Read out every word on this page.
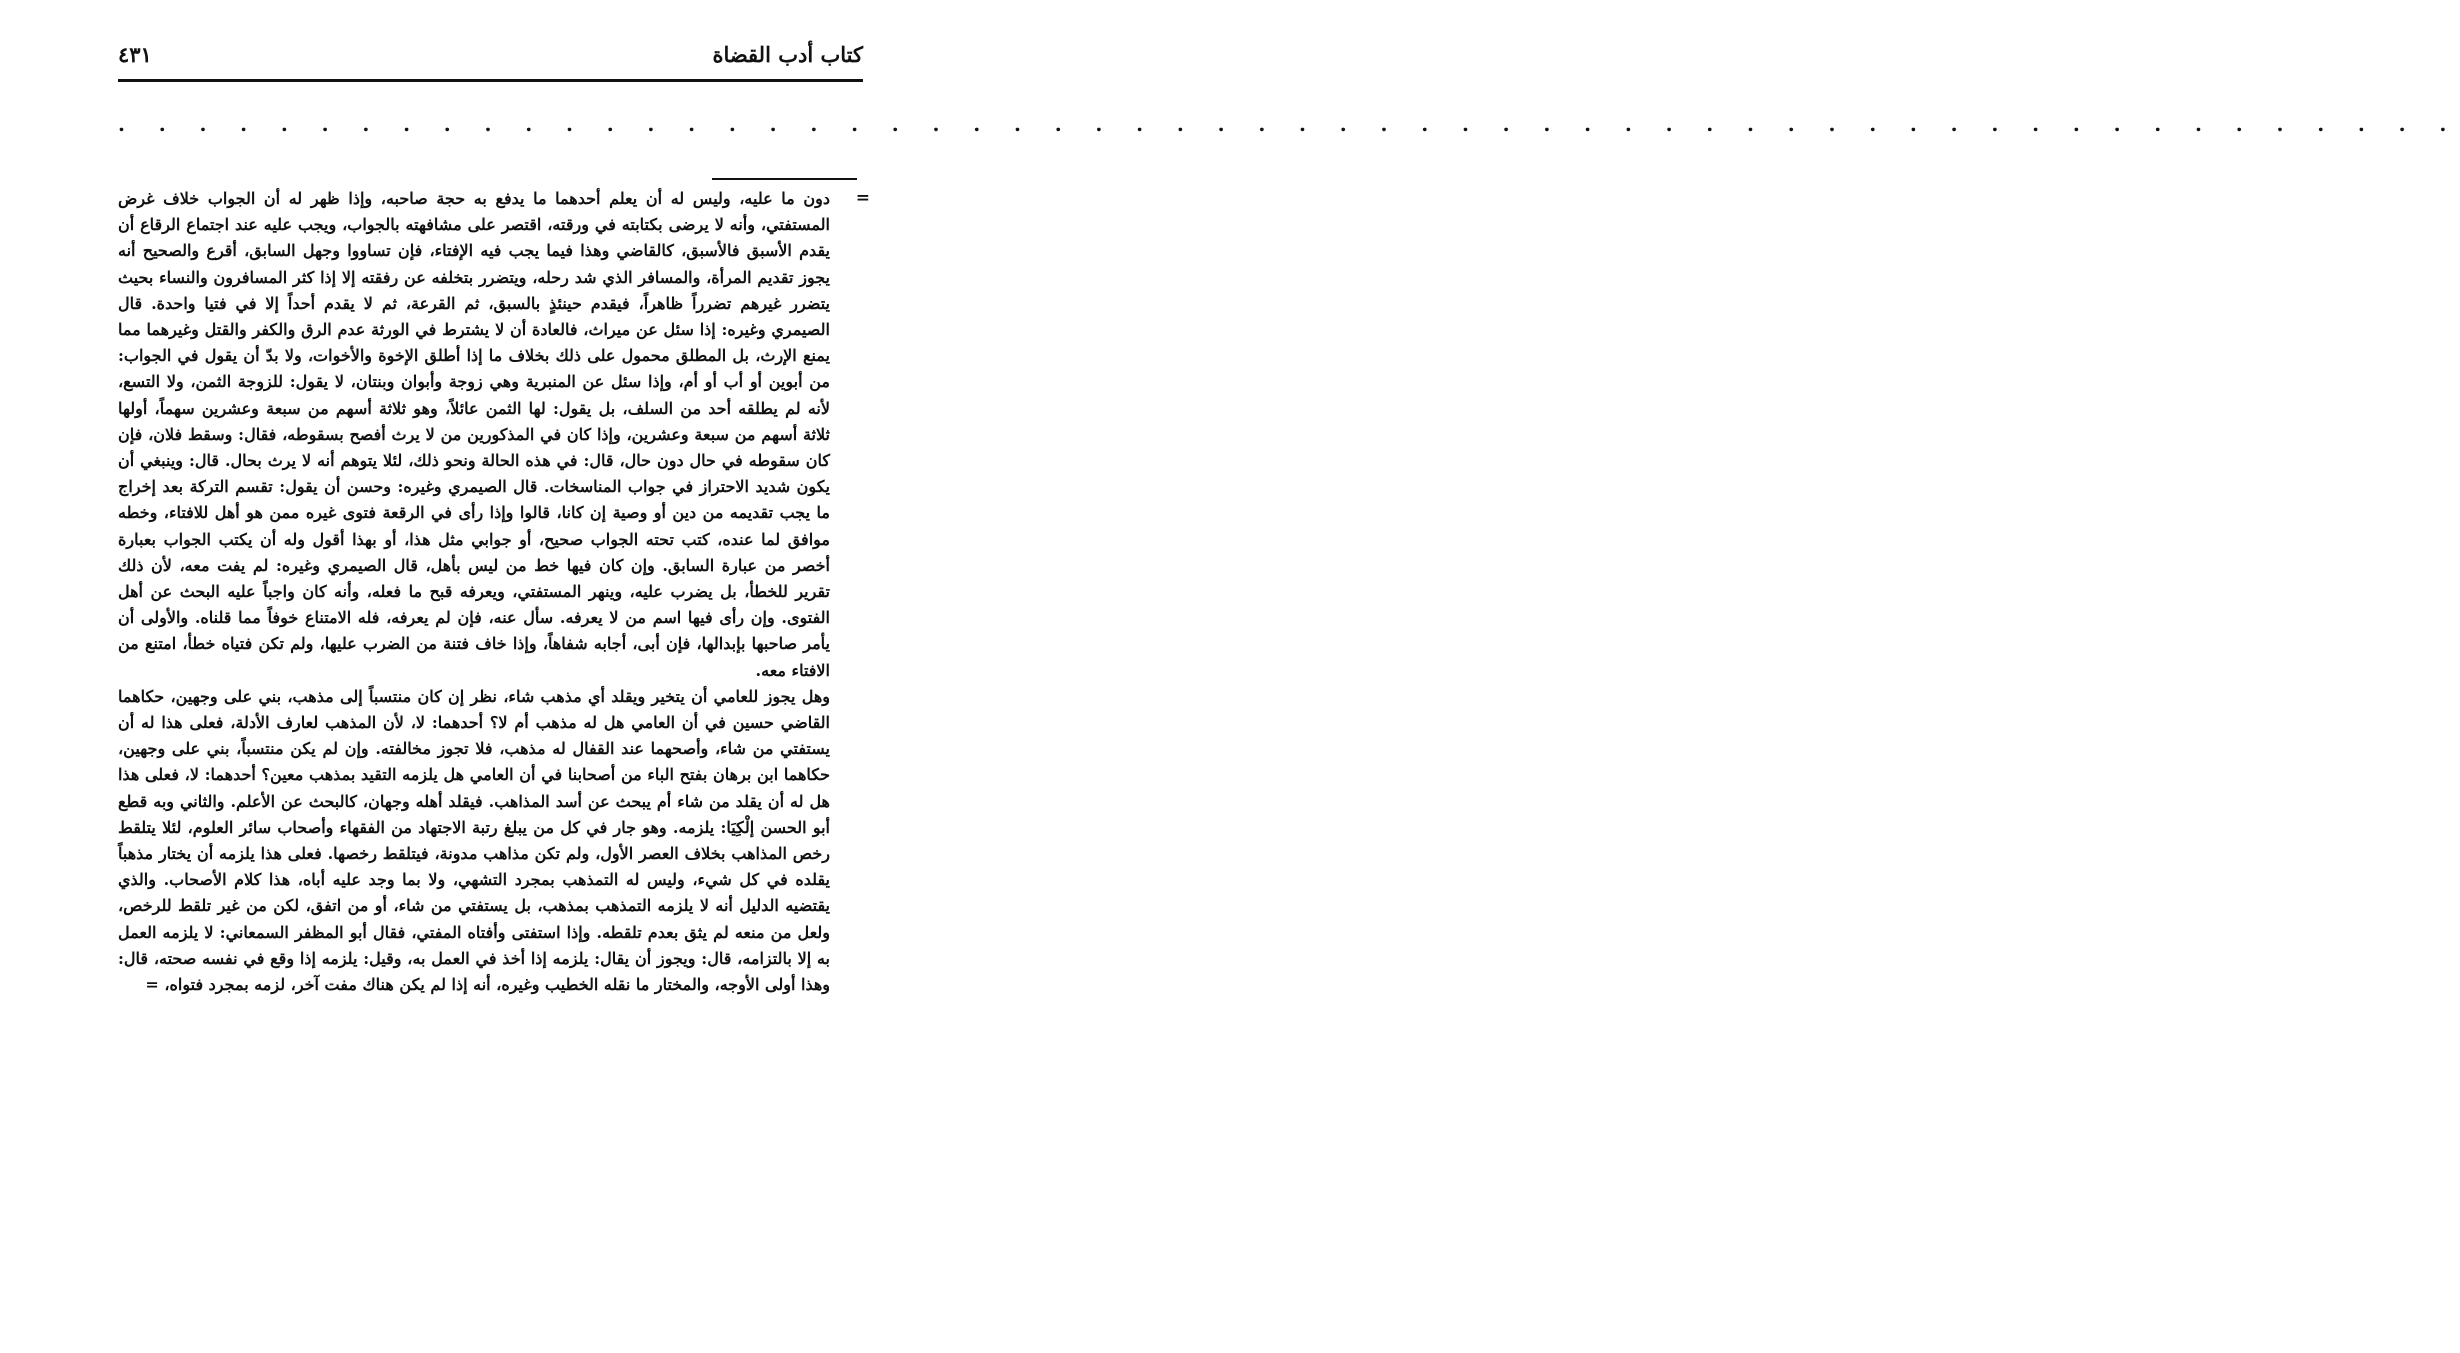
كتاب أدب القضاة
٤٣١
. . . . . . . . . . . . . . . . . . . . . . . . . . . . . . . . . . . . . . . . . . . . . . . . . . . . . . . . . .
=

دون ما عليه، وليس له أن يعلم أحدهما ما يدفع به حجة صاحبه، وإذا ظهر له أن الجواب خلاف غرض المستفتي، وأنه لا يرضى بكتابته في ورقته، اقتصر على مشافهته بالجواب، ويجب عليه عند اجتماع الرقاع أن يقدم الأسبق فالأسبق، كالقاضي وهذا فيما يجب فيه الإفتاء، فإن تساووا وجهل السابق، أقرع والصحيح أنه يجوز تقديم المرأة، والمسافر الذي شد رحله، ويتضرر بتخلفه عن رفقته إلا إذا كثر المسافرون والنساء بحيث يتضرر غيرهم تضرراً ظاهراً، فيقدم حينئذٍ بالسبق، ثم القرعة، ثم لا يقدم أحداً إلا في فتيا واحدة. قال الصيمري وغيره: إذا سئل عن ميراث، فالعادة أن لا يشترط في الورثة عدم الرق والكفر والقتل وغيرهما مما يمنع الإرث، بل المطلق محمول على ذلك بخلاف ما إذا أطلق الإخوة والأخوات، ولا بدّ أن يقول في الجواب: من أبوين أو أب أو أم، وإذا سئل عن المنبرية وهي زوجة وأبوان وبنتان، لا يقول: للزوجة الثمن، ولا التسع، لأنه لم يطلقه أحد من السلف، بل يقول: لها الثمن عائلاً، وهو ثلاثة أسهم من سبعة وعشرين سهماً، أولها ثلاثة أسهم من سبعة وعشرين، وإذا كان في المذكورين من لا يرث أفصح بسقوطه، فقال: وسقط فلان، فإن كان سقوطه في حال دون حال، قال: في هذه الحالة ونحو ذلك، لئلا يتوهم أنه لا يرث بحال. قال: وينبغي أن يكون شديد الاحتراز في جواب المناسخات. قال الصيمري وغيره: وحسن أن يقول: تقسم التركة بعد إخراج ما يجب تقديمه من دين أو وصية إن كانا، قالوا وإذا رأى في الرقعة فتوى غيره ممن هو أهل للافتاء، وخطه موافق لما عنده، كتب تحته الجواب صحيح، أو جوابي مثل هذا، أو بهذا أقول وله أن يكتب الجواب بعبارة أخصر من عبارة السابق. وإن كان فيها خط من ليس بأهل، قال الصيمري وغيره: لم يفت معه، لأن ذلك تقرير للخطأ، بل يضرب عليه، وينهر المستفتي، ويعرفه قبح ما فعله، وأنه كان واجباً عليه البحث عن أهل الفتوى. وإن رأى فيها اسم من لا يعرفه. سأل عنه، فإن لم يعرفه، فله الامتناع خوفاً مما قلناه. والأولى أن يأمر صاحبها بإبدالها، فإن أبى، أجابه شفاهاً، وإذا خاف فتنة من الضرب عليها، ولم تكن فتياه خطأ، امتنع من الافتاء معه.

وهل يجوز للعامي أن يتخير ويقلد أي مذهب شاء، نظر إن كان منتسباً إلى مذهب، بني على وجهين، حكاهما القاضي حسين في أن العامي هل له مذهب أم لا؟ أحدهما: لا، لأن المذهب لعارف الأدلة، فعلى هذا له أن يستفتي من شاء، وأصحهما عند القفال له مذهب، فلا تجوز مخالفته. وإن لم يكن منتسباً، بني على وجهين، حكاهما ابن برهان بفتح الباء من أصحابنا في أن العامي هل يلزمه التقيد بمذهب معين؟ أحدهما: لا، فعلى هذا هل له أن يقلد من شاء أم يبحث عن أسد المذاهب. فيقلد أهله وجهان، كالبحث عن الأعلم. والثاني وبه قطع أبو الحسن إلْكِيَا: يلزمه. وهو جار في كل من يبلغ رتبة الاجتهاد من الفقهاء وأصحاب سائر العلوم، لئلا يتلقط رخص المذاهب بخلاف العصر الأول، ولم تكن مذاهب مدونة، فيتلقط رخصها. فعلى هذا يلزمه أن يختار مذهباً يقلده في كل شيء، وليس له التمذهب بمجرد التشهي، ولا بما وجد عليه أباه، هذا كلام الأصحاب. والذي يقتضيه الدليل أنه لا يلزمه التمذهب بمذهب، بل يستفتي من شاء، أو من اتفق، لكن من غير تلقط للرخص، ولعل من منعه لم يثق بعدم تلقطه. وإذا استفتى وأفتاه المفتي، فقال أبو المظفر السمعاني: لا يلزمه العمل به إلا بالتزامه، قال: ويجوز أن يقال: يلزمه إذا أخذ في العمل به، وقيل: يلزمه إذا وقع في نفسه صحته، قال: وهذا أولى الأوجه، والمختار ما نقله الخطيب وغيره، أنه إذا لم يكن هناك مفت آخر، لزمه بمجرد فتواه، =
